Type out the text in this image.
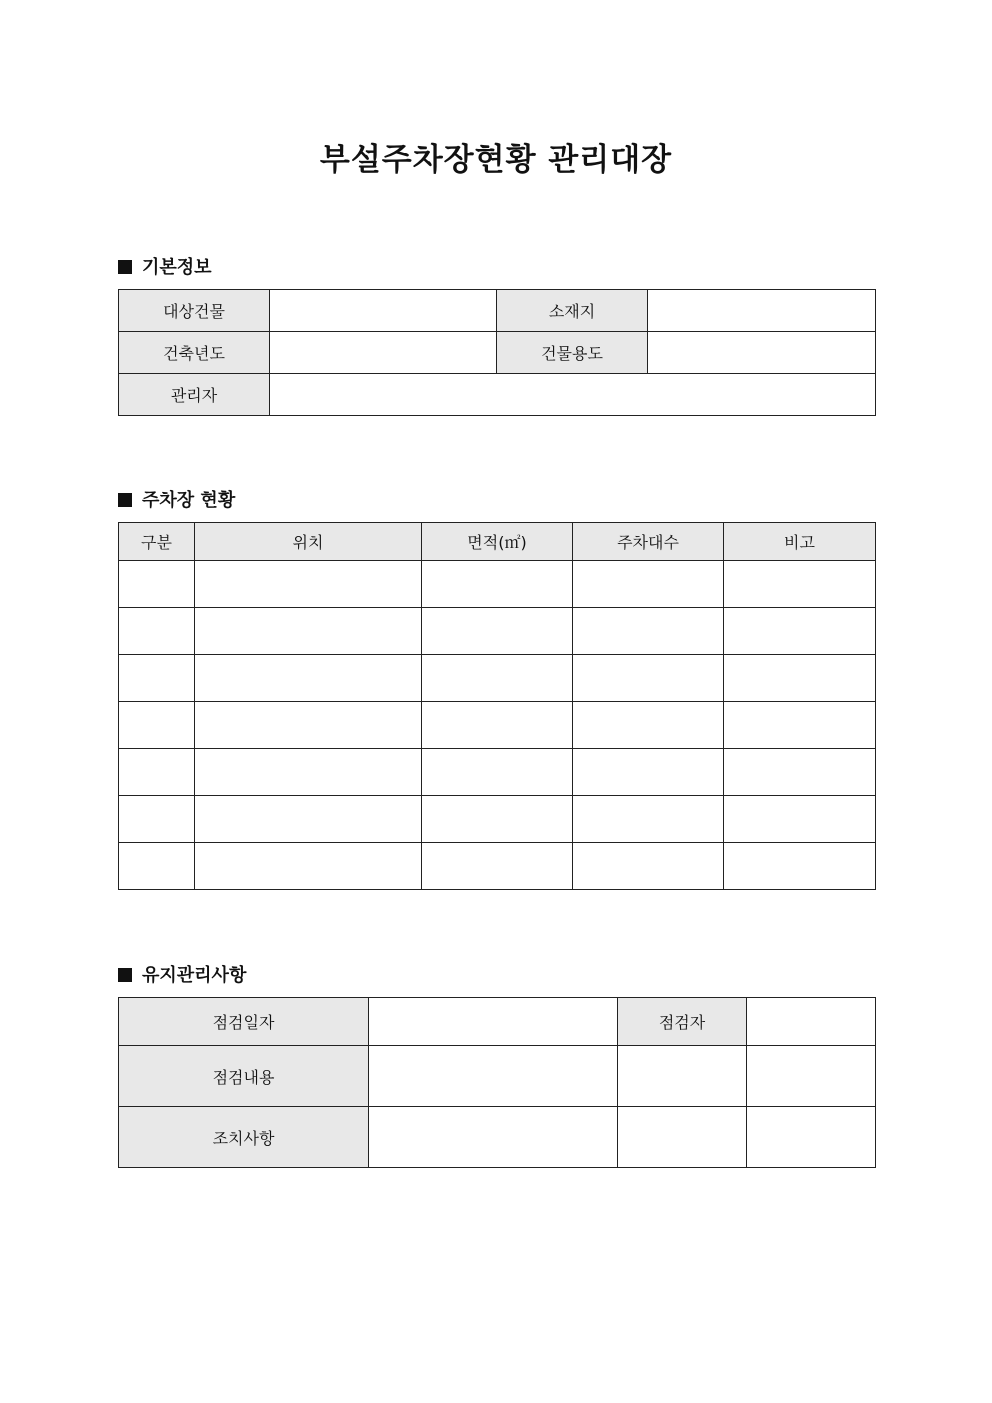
부설주차장현황 관리대장
기본정보
대상건물		소재지	
건축년도		건물용도	
관리자			
주차장 현황
구분	위치	면적(㎡)	주차대수	비고

유지관리사항
점검일자		점검자	
점검내용			
조치사항			
